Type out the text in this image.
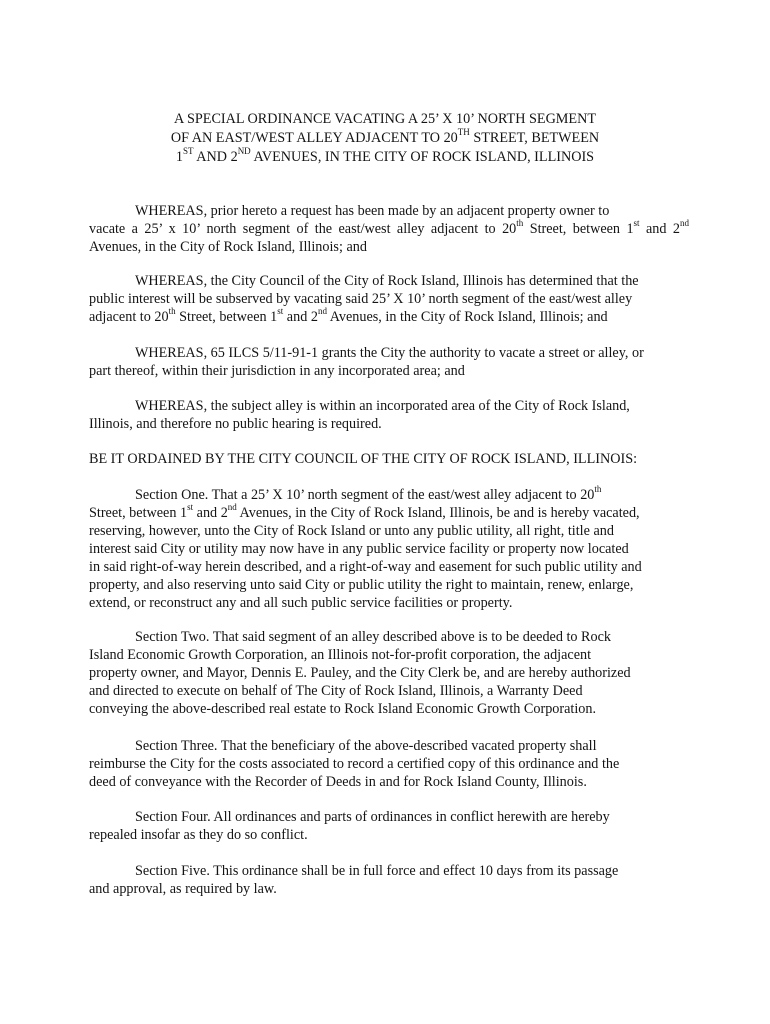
A SPECIAL ORDINANCE VACATING A 25’ X 10’ NORTH SEGMENT
OF AN EAST/WEST ALLEY ADJACENT TO 20TH STREET, BETWEEN
1ST AND 2ND AVENUES, IN THE CITY OF ROCK ISLAND, ILLINOIS
WHEREAS, prior hereto a request has been made by an adjacent property owner to
vacate a 25’ x 10’ north segment of the east/west alley adjacent to 20th Street, between 1st and 2nd
Avenues, in the City of Rock Island, Illinois; and
WHEREAS, the City Council of the City of Rock Island, Illinois has determined that the
public interest will be subserved by vacating said 25’ X 10’ north segment of the east/west alley
adjacent to 20th Street, between 1st and 2nd Avenues, in the City of Rock Island, Illinois; and
WHEREAS, 65 ILCS 5/11-91-1 grants the City the authority to vacate a street or alley, or
part thereof, within their jurisdiction in any incorporated area; and
WHEREAS, the subject alley is within an incorporated area of the City of Rock Island,
Illinois, and therefore no public hearing is required.
BE IT ORDAINED BY THE CITY COUNCIL OF THE CITY OF ROCK ISLAND, ILLINOIS:
Section One. That a 25’ X 10’ north segment of the east/west alley adjacent to 20th
Street, between 1st and 2nd Avenues, in the City of Rock Island, Illinois, be and is hereby vacated,
reserving, however, unto the City of Rock Island or unto any public utility, all right, title and
interest said City or utility may now have in any public service facility or property now located
in said right-of-way herein described, and a right-of-way and easement for such public utility and
property, and also reserving unto said City or public utility the right to maintain, renew, enlarge,
extend, or reconstruct any and all such public service facilities or property.
Section Two. That said segment of an alley described above is to be deeded to Rock
Island Economic Growth Corporation, an Illinois not-for-profit corporation, the adjacent
property owner, and Mayor, Dennis E. Pauley, and the City Clerk be, and are hereby authorized
and directed to execute on behalf of The City of Rock Island, Illinois, a Warranty Deed
conveying the above-described real estate to Rock Island Economic Growth Corporation.
Section Three. That the beneficiary of the above-described vacated property shall
reimburse the City for the costs associated to record a certified copy of this ordinance and the
deed of conveyance with the Recorder of Deeds in and for Rock Island County, Illinois.
Section Four. All ordinances and parts of ordinances in conflict herewith are hereby
repealed insofar as they do so conflict.
Section Five. This ordinance shall be in full force and effect 10 days from its passage
and approval, as required by law.
